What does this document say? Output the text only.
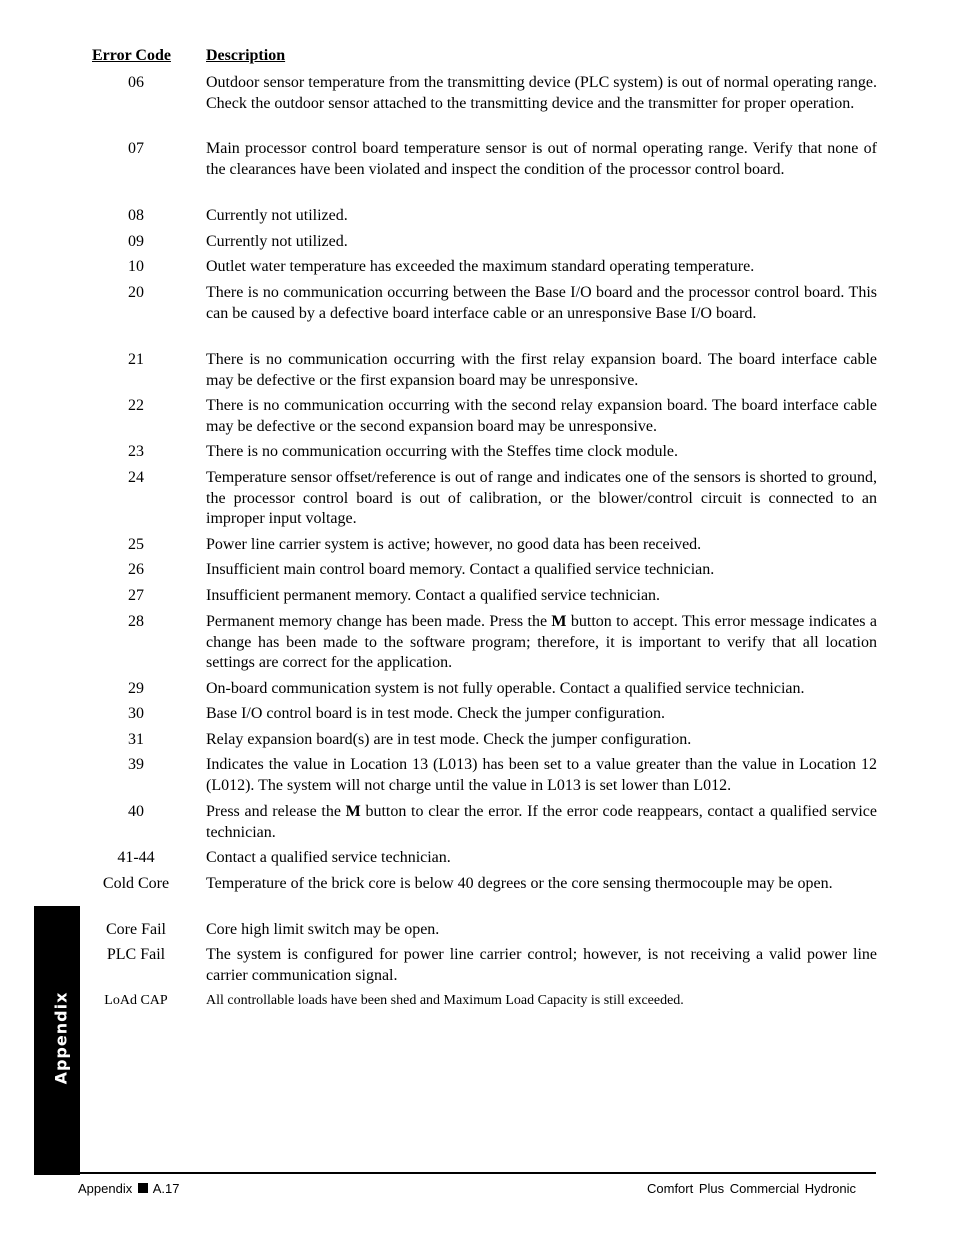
Error Code Description
06	Outdoor sensor temperature from the transmitting device (PLC system) is out of normal operating range. Check the outdoor sensor attached to the transmitting device and the transmitter for proper operation.
07	Main processor control board temperature sensor is out of normal operating range. Verify that none of the clearances have been violated and inspect the condition of the processor control board.
08	Currently not utilized.
09	Currently not utilized.
10	Outlet water temperature has exceeded the maximum standard operating temperature.
20	There is no communication occurring between the Base I/O board and the processor control board. This can be caused by a defective board interface cable or an unresponsive Base I/O board.
21	There is no communication occurring with the first relay expansion board. The board interface cable may be defective or the first expansion board may be unresponsive.
22	There is no communication occurring with the second relay expansion board. The board interface cable may be defective or the second expansion board may be unresponsive.
23	There is no communication occurring with the Steffes time clock module.
24	Temperature sensor offset/reference is out of range and indicates one of the sensors is shorted to ground, the processor control board is out of calibration, or the blower/control circuit is connected to an improper input voltage.
25	Power line carrier system is active; however, no good data has been received.
26	Insufficient main control board memory. Contact a qualified service technician.
27	Insufficient permanent memory. Contact a qualified service technician.
28	Permanent memory change has been made. Press the M button to accept. This error message indicates a change has been made to the software program; therefore, it is important to verify that all location settings are correct for the application.
29	On-board communication system is not fully operable. Contact a qualified service technician.
30	Base I/O control board is in test mode. Check the jumper configuration.
31	Relay expansion board(s) are in test mode. Check the jumper configuration.
39	Indicates the value in Location 13 (L013) has been set to a value greater than the value in Location 12 (L012). The system will not charge until the value in L013 is set lower than L012.
40	Press and release the M button to clear the error. If the error code reappears, contact a qualified service technician.
41-44	Contact a qualified service technician.
Cold Core	Temperature of the brick core is below 40 degrees or the core sensing thermocouple may be open.
Core Fail	Core high limit switch may be open.
PLC Fail	The system is configured for power line carrier control; however, is not receiving a valid power line carrier communication signal.
LoAd CAP	All controllable loads have been shed and Maximum Load Capacity is still exceeded.
Appendix
Appendix A.17	Comfort Plus Commercial Hydronic
